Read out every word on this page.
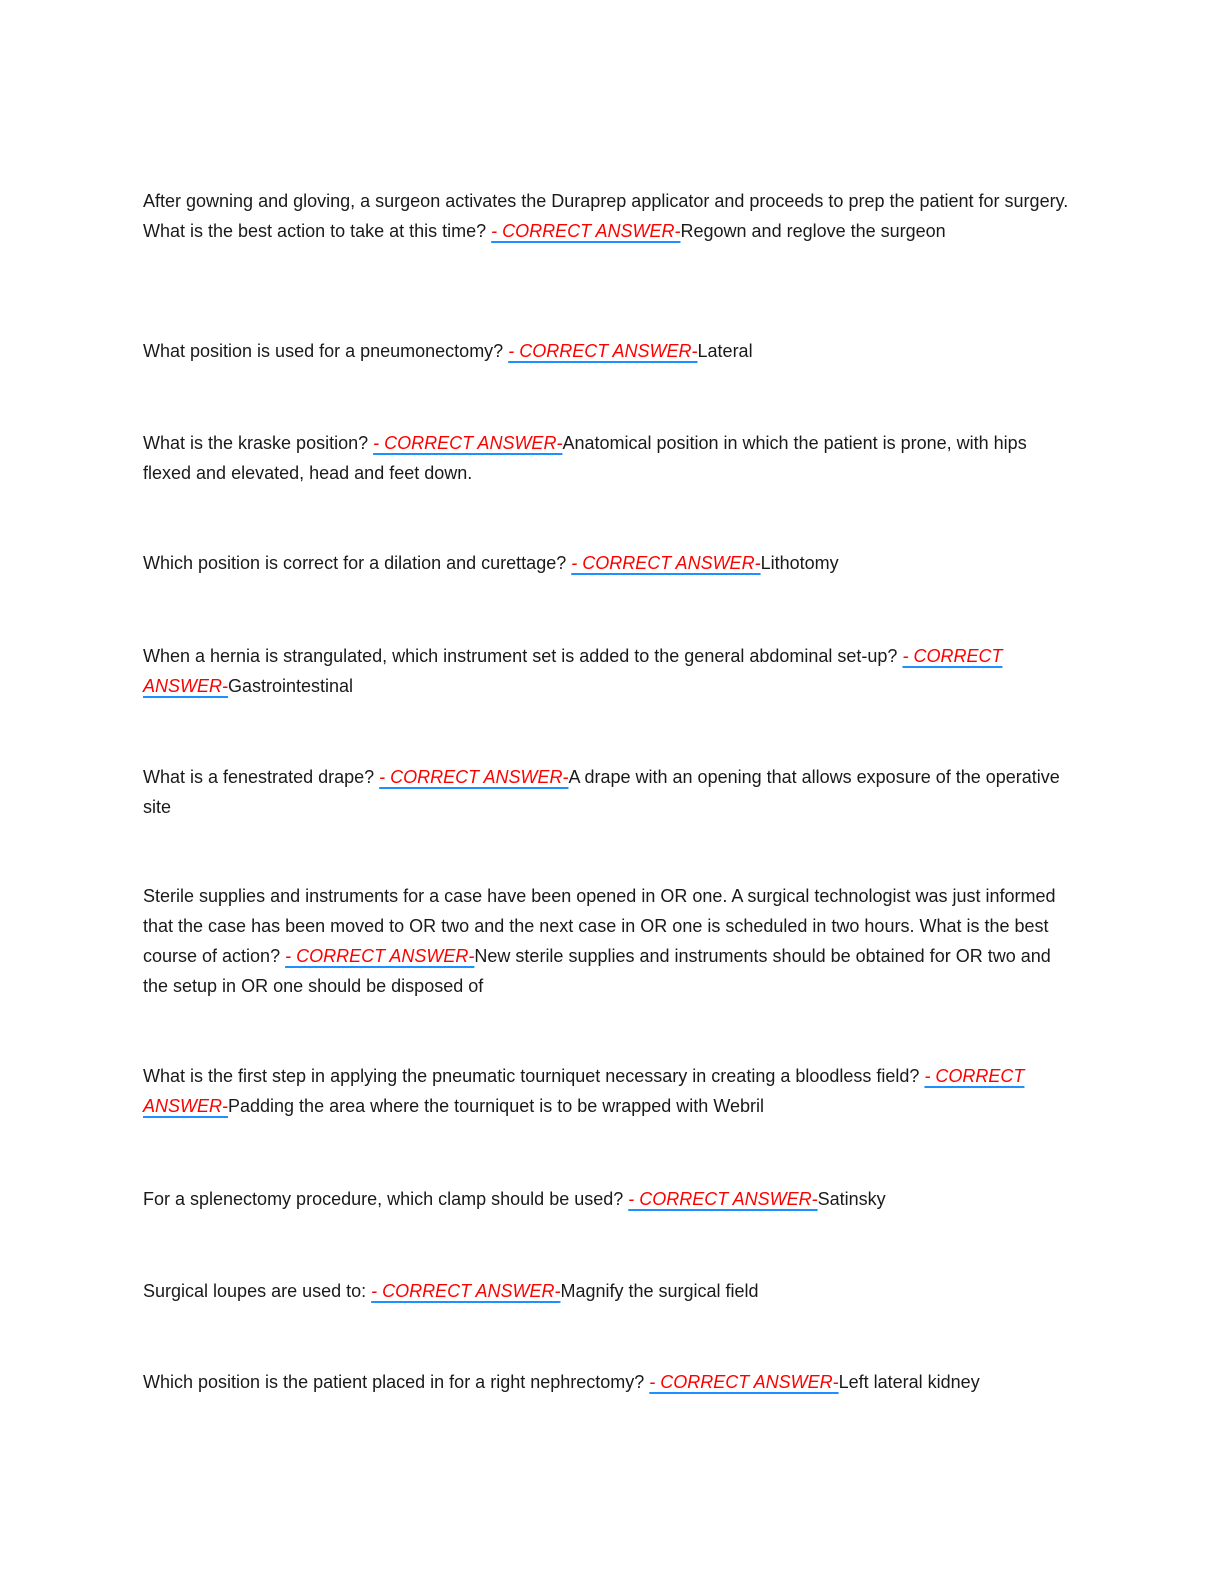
After gowning and gloving, a surgeon activates the Duraprep applicator and proceeds to prep the patient for surgery. What is the best action to take at this time? - CORRECT ANSWER-Regown and reglove the surgeon

What position is used for a pneumonectomy? - CORRECT ANSWER-Lateral

What is the kraske position? - CORRECT ANSWER-Anatomical position in which the patient is prone, with hips flexed and elevated, head and feet down.

Which position is correct for a dilation and curettage? - CORRECT ANSWER-Lithotomy

When a hernia is strangulated, which instrument set is added to the general abdominal set-up? - CORRECT ANSWER-Gastrointestinal

What is a fenestrated drape? - CORRECT ANSWER-A drape with an opening that allows exposure of the operative site

Sterile supplies and instruments for a case have been opened in OR one. A surgical technologist was just informed that the case has been moved to OR two and the next case in OR one is scheduled in two hours. What is the best course of action? - CORRECT ANSWER-New sterile supplies and instruments should be obtained for OR two and the setup in OR one should be disposed of

What is the first step in applying the pneumatic tourniquet necessary in creating a bloodless field? - CORRECT ANSWER-Padding the area where the tourniquet is to be wrapped with Webril

For a splenectomy procedure, which clamp should be used? - CORRECT ANSWER-Satinsky

Surgical loupes are used to: - CORRECT ANSWER-Magnify the surgical field

Which position is the patient placed in for a right nephrectomy? - CORRECT ANSWER-Left lateral kidney
